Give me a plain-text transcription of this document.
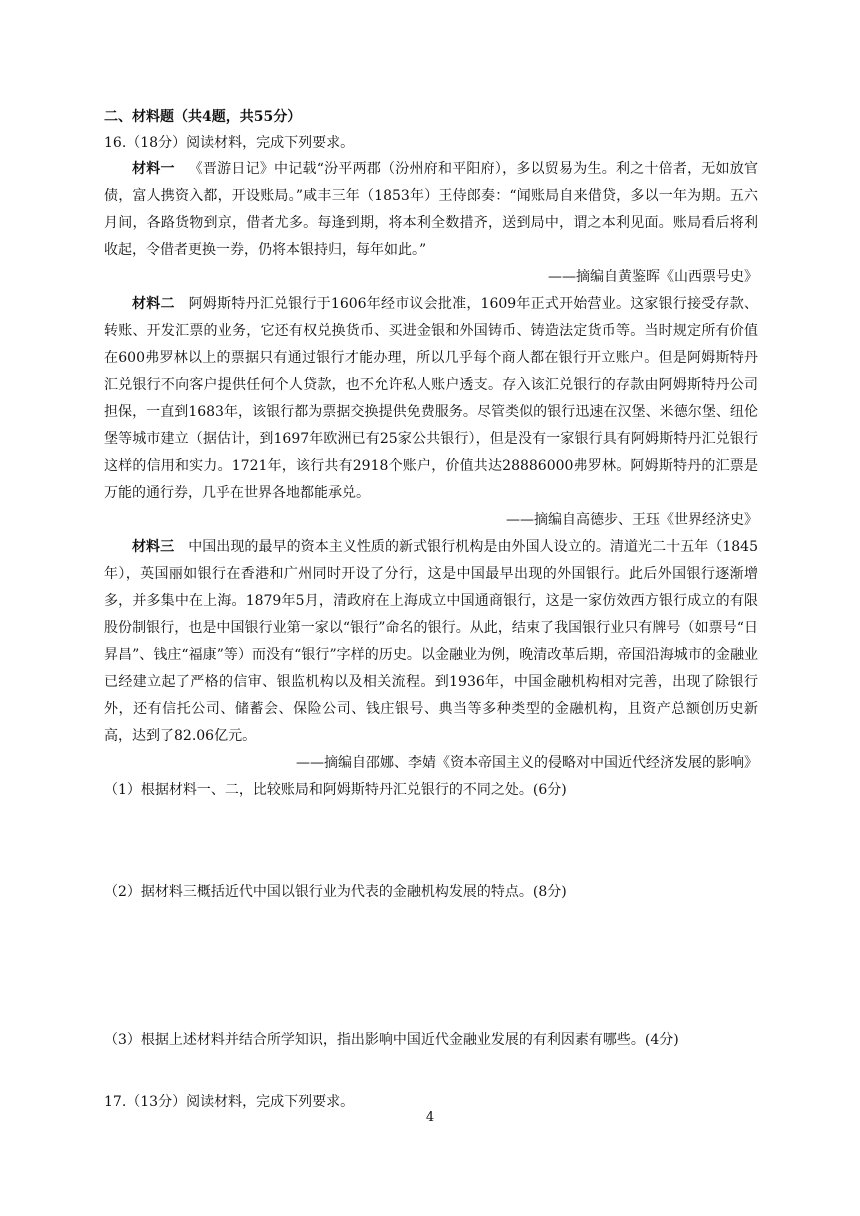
二、材料题（共4题，共55分）

16.（18分）阅读材料，完成下列要求。

材料一 《晋游日记》中记载“汾平两郡（汾州府和平阳府），多以贸易为生。利之十倍者，无如放官债，富人携资入都，开设账局。”咸丰三年（1853年）王侍郎奏：“闻账局自来借贷，多以一年为期。五六月间，各路货物到京，借者尤多。每逢到期，将本利全数措齐，送到局中，谓之本利见面。账局看后将利收起，令借者更换一券，仍将本银持归，每年如此。”

——摘编自黄鉴晖《山西票号史》

材料二 阿姆斯特丹汇兑银行于1606年经市议会批准，1609年正式开始营业。这家银行接受存款、转账、开发汇票的业务，它还有权兑换货币、买进金银和外国铸币、铸造法定货币等。当时规定所有价值在600弗罗林以上的票据只有通过银行才能办理，所以几乎每个商人都在银行开立账户。但是阿姆斯特丹汇兑银行不向客户提供任何个人贷款，也不允许私人账户透支。存入该汇兑银行的存款由阿姆斯特丹公司担保，一直到1683年，该银行都为票据交换提供免费服务。尽管类似的银行迅速在汉堡、米德尔堡、纽伦堡等城市建立（据估计，到1697年欧洲已有25家公共银行），但是没有一家银行具有阿姆斯特丹汇兑银行这样的信用和实力。1721年，该行共有2918个账户，价值共达28886000弗罗林。阿姆斯特丹的汇票是万能的通行券，几乎在世界各地都能承兑。

——摘编自高德步、王珏《世界经济史》

材料三 中国出现的最早的资本主义性质的新式银行机构是由外国人设立的。清道光二十五年（1845年），英国丽如银行在香港和广州同时开设了分行，这是中国最早出现的外国银行。此后外国银行逐渐增多，并多集中在上海。1879年5月，清政府在上海成立中国通商银行，这是一家仿效西方银行成立的有限股份制银行，也是中国银行业第一家以“银行”命名的银行。从此，结束了我国银行业只有牌号（如票号“日昇昌”、钱庄“福康”等）而没有“银行”字样的历史。以金融业为例，晚清改革后期，帝国沿海城市的金融业已经建立起了严格的信审、银监机构以及相关流程。到1936年，中国金融机构相对完善，出现了除银行外，还有信托公司、储蓄会、保险公司、钱庄银号、典当等多种类型的金融机构，且资产总额创历史新高，达到了82.06亿元。

——摘编自邵娜、李婧《资本帝国主义的侵略对中国近代经济发展的影响》

（1）根据材料一、二，比较账局和阿姆斯特丹汇兑银行的不同之处。(6分)

（2）据材料三概括近代中国以银行业为代表的金融机构发展的特点。(8分)

（3）根据上述材料并结合所学知识，指出影响中国近代金融业发展的有利因素有哪些。(4分)

17.（13分）阅读材料，完成下列要求。

4
